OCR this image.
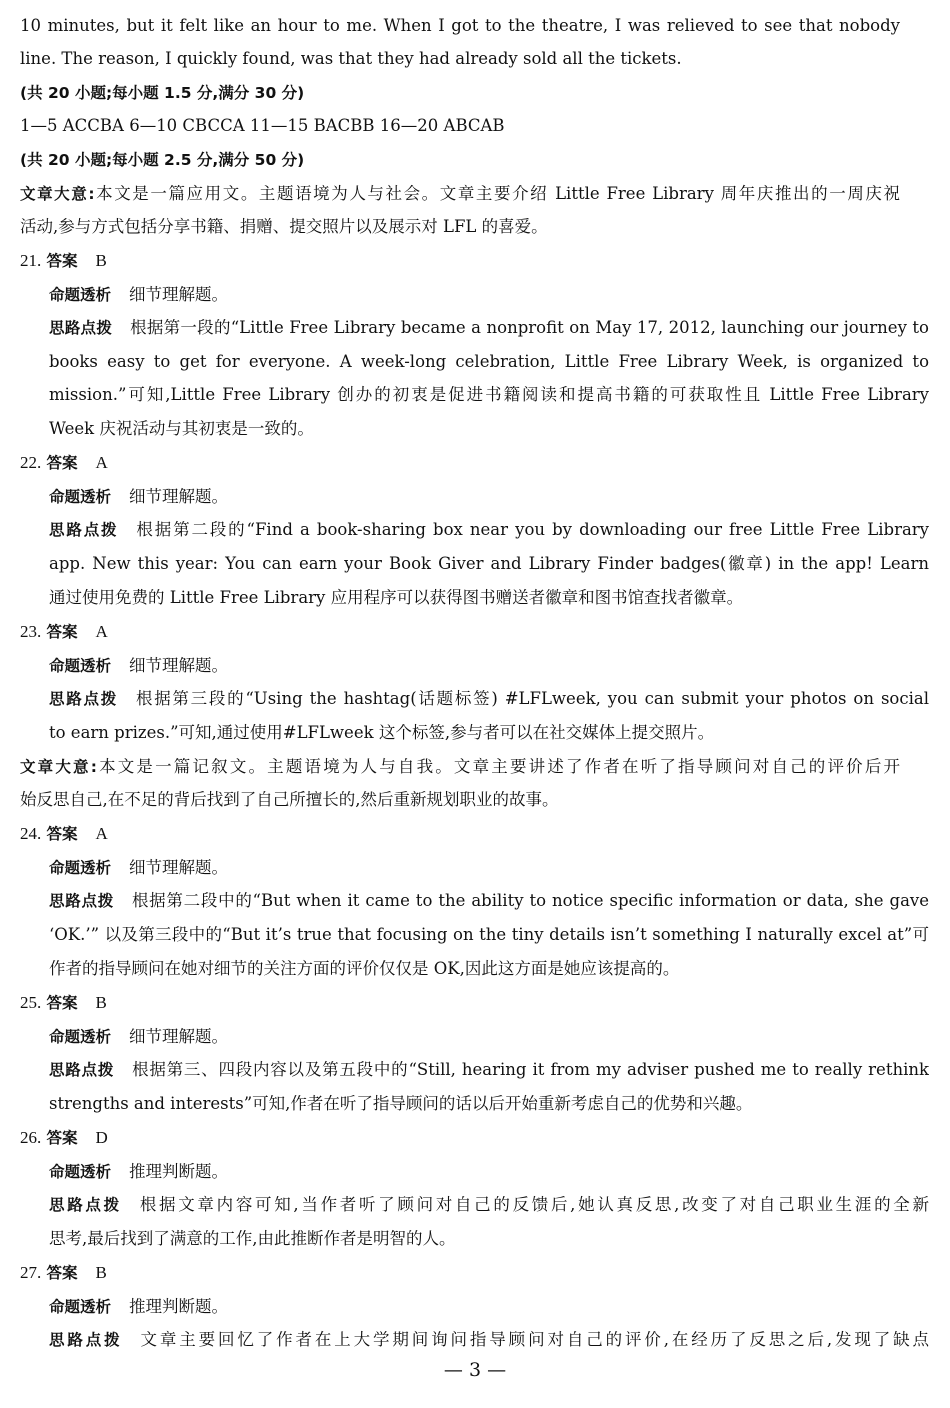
10 minutes, but it felt like an hour to me. When I got to the theatre, I was relieved to see that nobody
line. The reason, I quickly found, was that they had already sold all the tickets.
(共 20 小题;每小题 1.5 分,满分 30 分)
1—5 ACCBA 6—10 CBCCA 11—15 BACBB 16—20 ABCAB
(共 20 小题;每小题 2.5 分,满分 50 分)
文章大意:本文是一篇应用文。主题语境为人与社会。文章主要介绍 Little Free Library 周年庆推出的一周庆祝
活动,参与方式包括分享书籍、捐赠、提交照片以及展示对 LFL 的喜爱。
21. 答案 B
命题透析 细节理解题。
思路点拨 根据第一段的“Little Free Library became a nonprofit on May 17, 2012, launching our journey to
books easy to get for everyone. A week-long celebration, Little Free Library Week, is organized to
mission.”可知,Little Free Library 创办的初衷是促进书籍阅读和提高书籍的可获取性且 Little Free Library
Week 庆祝活动与其初衷是一致的。
22. 答案 A
命题透析 细节理解题。
思路点拨 根据第二段的“Find a book-sharing box near you by downloading our free Little Free Library
app. New this year: You can earn your Book Giver and Library Finder badges(徽章) in the app! Learn
通过使用免费的 Little Free Library 应用程序可以获得图书赠送者徽章和图书馆查找者徽章。
23. 答案 A
命题透析 细节理解题。
思路点拨 根据第三段的“Using the hashtag(话题标签) #LFLweek, you can submit your photos on social
to earn prizes.”可知,通过使用#LFLweek 这个标签,参与者可以在社交媒体上提交照片。
文章大意:本文是一篇记叙文。主题语境为人与自我。文章主要讲述了作者在听了指导顾问对自己的评价后开
始反思自己,在不足的背后找到了自己所擅长的,然后重新规划职业的故事。
24. 答案 A
命题透析 细节理解题。
思路点拨 根据第二段中的“But when it came to the ability to notice specific information or data, she gave
‘OK.’” 以及第三段中的“But it’s true that focusing on the tiny details isn’t something I naturally excel at”可
作者的指导顾问在她对细节的关注方面的评价仅仅是 OK,因此这方面是她应该提高的。
25. 答案 B
命题透析 细节理解题。
思路点拨 根据第三、四段内容以及第五段中的“Still, hearing it from my adviser pushed me to really rethink
strengths and interests”可知,作者在听了指导顾问的话以后开始重新考虑自己的优势和兴趣。
26. 答案 D
命题透析 推理判断题。
思路点拨 根据文章内容可知,当作者听了顾问对自己的反馈后,她认真反思,改变了对自己职业生涯的全新
思考,最后找到了满意的工作,由此推断作者是明智的人。
27. 答案 B
命题透析 推理判断题。
思路点拨 文章主要回忆了作者在上大学期间询问指导顾问对自己的评价,在经历了反思之后,发现了缺点
— 3 —
